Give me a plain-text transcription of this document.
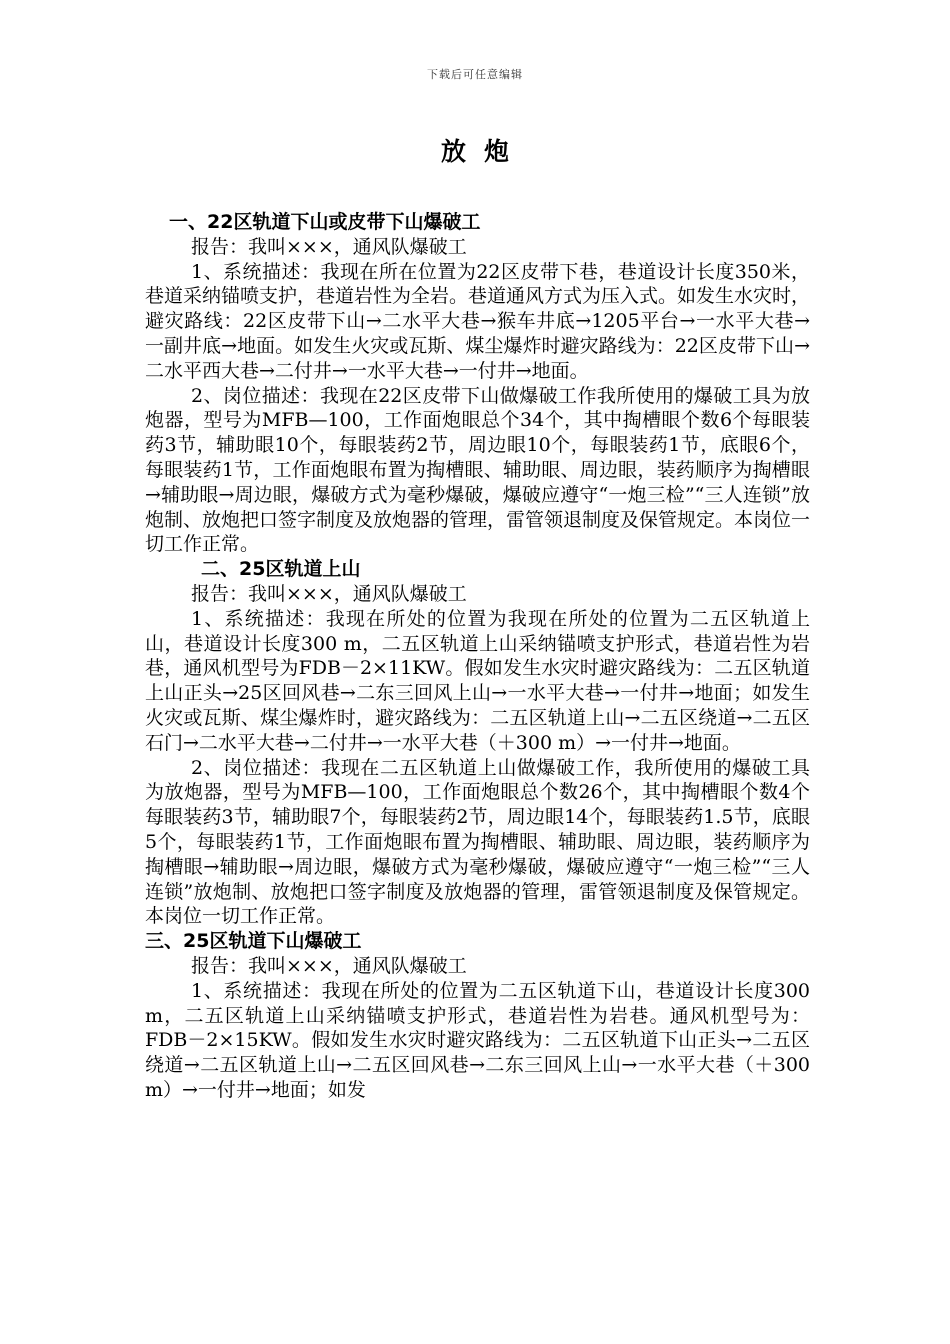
下载后可任意编辑
放炮

一、22区轨道下山或皮带下山爆破工

报告：我叫×××，通风队爆破工

1、系统描述：我现在所在位置为22区皮带下巷，巷道设计长度350米，巷道采纳锚喷支护，巷道岩性为全岩。巷道通风方式为压入式。如发生水灾时，避灾路线：22区皮带下山→二水平大巷→猴车井底→1205平台→一水平大巷→一副井底→地面。如发生火灾或瓦斯、煤尘爆炸时避灾路线为：22区皮带下山→二水平西大巷→二付井→一水平大巷→一付井→地面。

2、岗位描述：我现在22区皮带下山做爆破工作我所使用的爆破工具为放炮器，型号为MFB—100，工作面炮眼总个34个，其中掏槽眼个数6个每眼装药3节，辅助眼10个，每眼装药2节，周边眼10个，每眼装药1节，底眼6个，每眼装药1节，工作面炮眼布置为掏槽眼、辅助眼、周边眼，装药顺序为掏槽眼→辅助眼→周边眼，爆破方式为毫秒爆破，爆破应遵守“一炮三检”“三人连锁”放炮制、放炮把口签字制度及放炮器的管理，雷管领退制度及保管规定。本岗位一切工作正常。

二、25区轨道上山

报告：我叫×××，通风队爆破工

1、系统描述：我现在所处的位置为我现在所处的位置为二五区轨道上山，巷道设计长度300 m，二五区轨道上山采纳锚喷支护形式，巷道岩性为岩巷，通风机型号为FDB－2×11KW。假如发生水灾时避灾路线为：二五区轨道上山正头→25区回风巷→二东三回风上山→一水平大巷→一付井→地面；如发生火灾或瓦斯、煤尘爆炸时，避灾路线为：二五区轨道上山→二五区绕道→二五区石门→二水平大巷→二付井→一水平大巷（＋300 m）→一付井→地面。

2、岗位描述：我现在二五区轨道上山做爆破工作，我所使用的爆破工具为放炮器，型号为MFB—100，工作面炮眼总个数26个，其中掏槽眼个数4个每眼装药3节，辅助眼7个，每眼装药2节，周边眼14个，每眼装药1.5节，底眼5个，每眼装药1节，工作面炮眼布置为掏槽眼、辅助眼、周边眼，装药顺序为掏槽眼→辅助眼→周边眼，爆破方式为毫秒爆破，爆破应遵守“一炮三检”“三人连锁”放炮制、放炮把口签字制度及放炮器的管理，雷管领退制度及保管规定。本岗位一切工作正常。

三、25区轨道下山爆破工

报告：我叫×××，通风队爆破工

1、系统描述：我现在所处的位置为二五区轨道下山，巷道设计长度300 m，二五区轨道上山采纳锚喷支护形式，巷道岩性为岩巷。通风机型号为：FDB－2×15KW。假如发生水灾时避灾路线为：二五区轨道下山正头→二五区绕道→二五区轨道上山→二五区回风巷→二东三回风上山→一水平大巷（＋300 m）→一付井→地面；如发
